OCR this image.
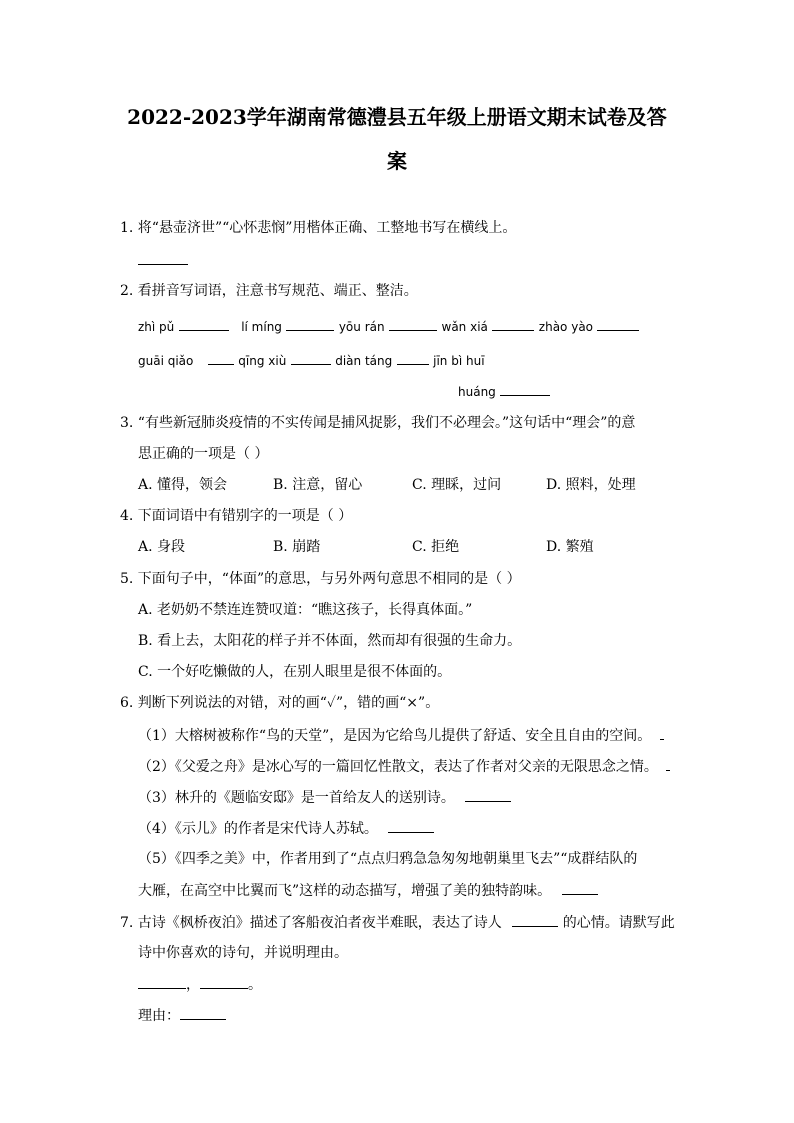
2022-2023学年湖南常德澧县五年级上册语文期末试卷及答
案
1. 将“悬壶济世”“心怀悲悯”用楷体正确、工整地书写在横线上。
2. 看拼音写词语，注意书写规范、端正、整洁。
zhì pǔ	lí míng	yōu rán	wǎn xiá	zhào yào
guāi qiǎo	qīng xiù	diàn táng	jīn bì huī
huáng
3. “有些新冠肺炎疫情的不实传闻是捕风捉影，我们不必理会。”这句话中“理会”的意
思正确的一项是（ ）
A. 懂得，领会	B. 注意，留心	C. 理睬，过问	D. 照料，处理
4. 下面词语中有错别字的一项是（ ）
A. 身段	B. 崩踏	C. 拒绝	D. 繁殖
5. 下面句子中，“体面”的意思，与另外两句意思不相同的是（ ）
A. 老奶奶不禁连连赞叹道：“瞧这孩子，长得真体面。”
B. 看上去，太阳花的样子并不体面，然而却有很强的生命力。
C. 一个好吃懒做的人，在别人眼里是很不体面的。
6. 判断下列说法的对错，对的画“✓”，错的画“×”。
（1）大榕树被称作“鸟的天堂”，是因为它给鸟儿提供了舒适、安全且自由的空间。
（2）《父爱之舟》是冰心写的一篇回忆性散文，表达了作者对父亲的无限思念之情。
（3）林升的《题临安邸》是一首给友人的送别诗。
（4）《示儿》的作者是宋代诗人苏轼。
（5）《四季之美》中，作者用到了“点点归鸦急急匆匆地朝巢里飞去”“成群结队的
大雁，在高空中比翼而飞”这样的动态描写，增强了美的独特韵味。
7. 古诗《枫桥夜泊》描述了客船夜泊者夜半难眠，表达了诗人	的心情。请默写此
诗中你喜欢的诗句，并说明理由。
，	。
理由：
